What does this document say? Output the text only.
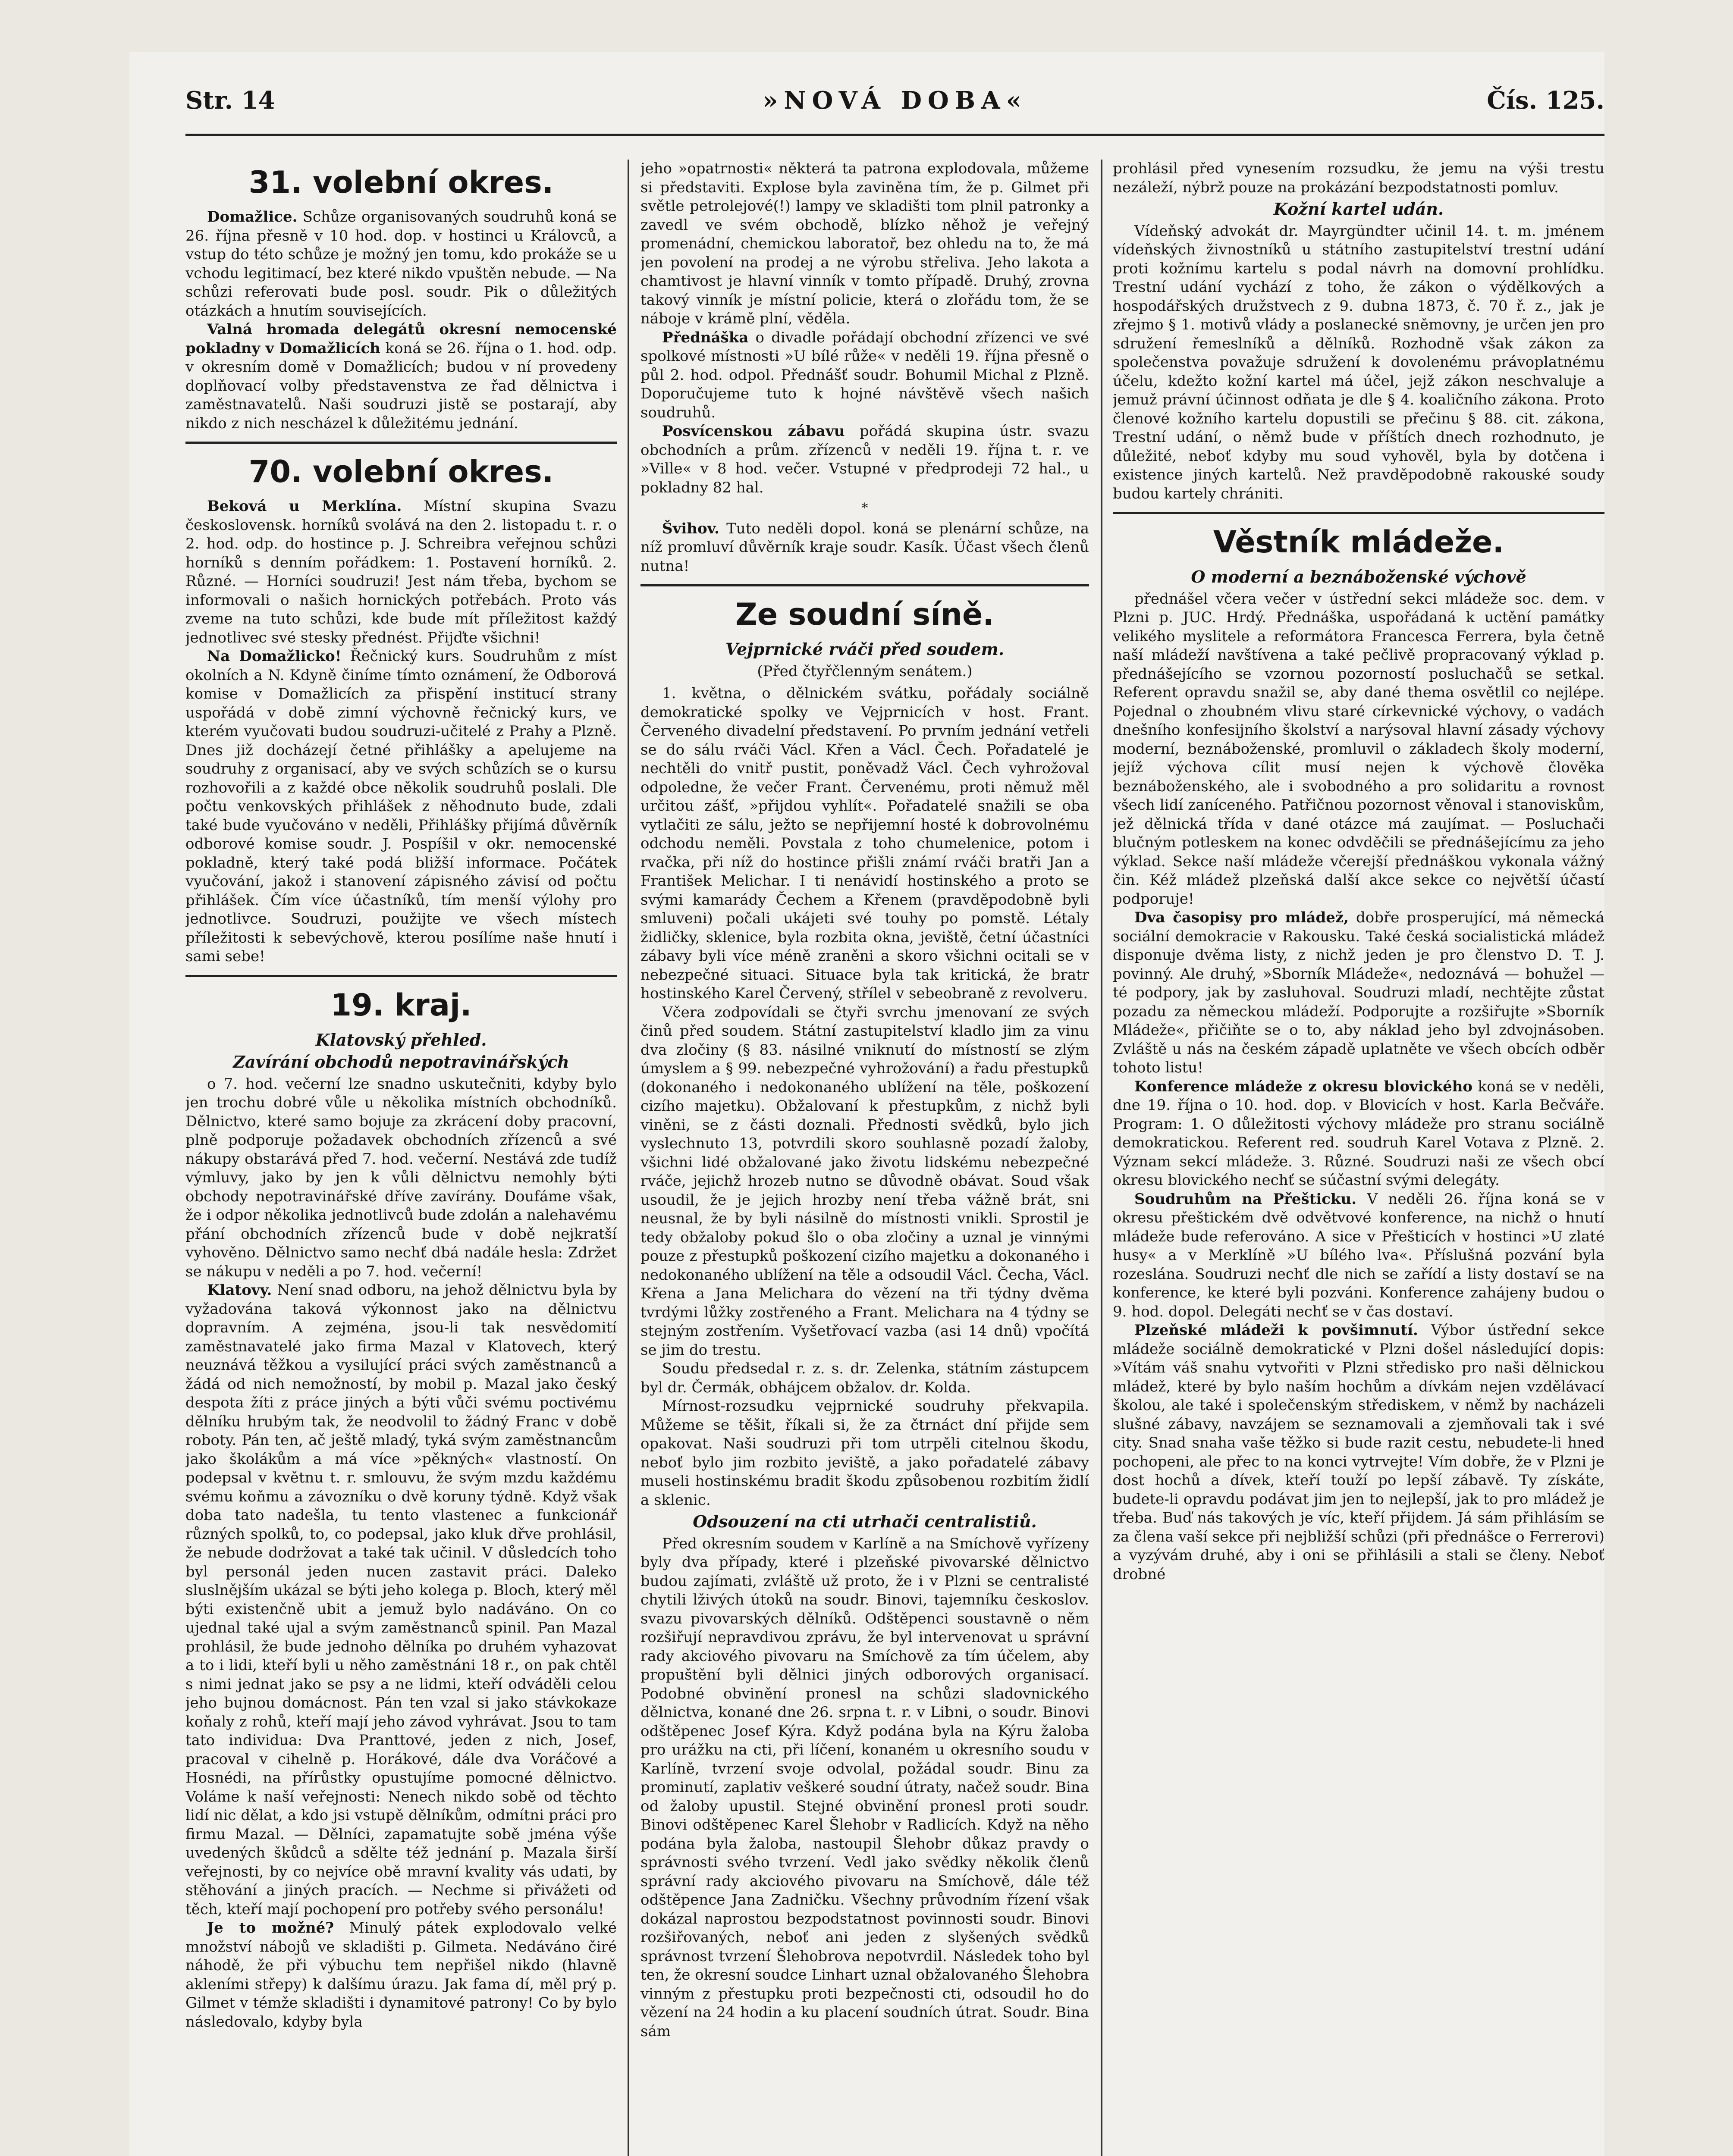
Str. 14	»NOVÁ DOBA«	Čís. 125.
31. volební okres.

Domažlice. Schůze organisovaných soudruhů koná se 26. října přesně v 10 hod. dop. v hostinci u Královců, a vstup do této schůze je možný jen tomu, kdo prokáže se u vchodu legitimací, bez které nikdo vpuštěn nebude. — Na schůzi referovati bude posl. soudr. Pik o důležitých otázkách a hnutím souvisejících.

Valná hromada delegátů okresní nemocenské pokladny v Domažlicích koná se 26. října o 1. hod. odp. v okresním domě v Domažlicích; budou v ní provedeny doplňovací volby představenstva ze řad dělnictva i zaměstnavatelů. Naši soudruzi jistě se postarají, aby nikdo z nich nescházel k důležitému jednání.

70. volební okres.

Beková u Merklína. Místní skupina Svazu československ. horníků svolává na den 2. listopadu t. r. o 2. hod. odp. do hostince p. J. Schreibra veřejnou schůzi horníků s denním pořádkem: 1. Postavení horníků. 2. Různé. — Horníci soudruzi! Jest nám třeba, bychom se informovali o našich hornických potřebách. Proto vás zveme na tuto schůzi, kde bude mít příležitost každý jednotlivec své stesky přednést. Přijďte všichni!

Na Domažlicko! Řečnický kurs. Soudruhům z míst okolních a N. Kdyně činíme tímto oznámení, že Odborová komise v Domažlicích za přispění institucí strany uspořádá v době zimní výchovně řečnický kurs, ve kterém vyučovati budou soudruzi-učitelé z Prahy a Plzně. Dnes již docházejí četné přihlášky a apelujeme na soudruhy z organisací, aby ve svých schůzích se o kursu rozhovořili a z každé obce několik soudruhů poslali. Dle počtu venkovských přihlášek z něhodnuto bude, zdali také bude vyučováno v neděli, Přihlášky přijímá důvěrník odborové komise soudr. J. Pospíšil v okr. nemocenské pokladně, který také podá bližší informace. Počátek vyučování, jakož i stanovení zápisného závisí od počtu přihlášek. Čím více účastníků, tím menší výlohy pro jednotlivce. Soudruzi, použijte ve všech místech příležitosti k sebevýchově, kterou posílíme naše hnutí i sami sebe!

19. kraj.
Klatovský přehled.
Zavírání obchodů nepotravinářských

o 7. hod. večerní lze snadno uskutečniti, kdyby bylo jen trochu dobré vůle u několika místních obchodníků. Dělnictvo, které samo bojuje za zkrácení doby pracovní, plně podporuje požadavek obchodních zřízenců a své nákupy obstarává před 7. hod. večerní. Nestává zde tudíž výmluvy, jako by jen k vůli dělnictvu nemohly býti obchody nepotravinářské dříve zavírány. Doufáme však, že i odpor několika jednotlivců bude zdolán a nalehavému přání obchodních zřízenců bude v době nejkratší vyhověno. Dělnictvo samo nechť dbá nadále hesla: Zdržet se nákupu v neděli a po 7. hod. večerní!

Klatovy. Není snad odboru, na jehož dělnictvu byla by vyžadována taková výkonnost jako na dělnictvu dopravním. A zejména, jsou-li tak nesvědomití zaměstnavatelé jako firma Mazal v Klatovech, který neuznává těžkou a vysilující práci svých zaměstnanců a žádá od nich nemožností, by mobil p. Mazal jako český despota žíti z práce jiných a býti vůči svému poctivému dělníku hrubým tak, že neodvolil to žádný Franc v době roboty. Pán ten, ač ještě mladý, tyká svým zaměstnancům jako školákům a má více »pěkných« vlastností. On podepsal v květnu t. r. smlouvu, že svým mzdu každému svému koňmu a závozníku o dvě koruny týdně. Když však doba tato nadešla, tu tento vlastenec a funkcionář různých spolků, to, co podepsal, jako kluk dřve prohlásil, že nebude dodržovat a také tak učinil. V důsledcích toho byl personál jeden nucen zastavit práci. Daleko sluslnějším ukázal se býti jeho kolega p. Bloch, který měl býti existenčně ubit a jemuž bylo nadáváno. On co ujednal také ujal a svým zaměstnanců spinil. Pan Mazal prohlásil, že bude jednoho dělníka po druhém vyhazovat a to i lidi, kteří byli u něho zaměstnáni 18 r., on pak chtěl s nimi jednat jako se psy a ne lidmi, kteří odváděli celou jeho bujnou domácnost. Pán ten vzal si jako stávkokaze koňaly z rohů, kteří mají jeho závod vyhrávat. Jsou to tam tato individua: Dva Pranttové, jeden z nich, Josef, pracoval v cihelně p. Horákové, dále dva Voráčové a Hosnédi, na přírůstky opustujíme pomocné dělnictvo. Voláme k naší veřejnosti: Nenech nikdo sobě od těchto lidí nic dělat, a kdo jsi vstupě dělníkům, odmítni práci pro firmu Mazal. — Dělníci, zapamatujte sobě jména výše uvedených škůdců a sdělte též jednání p. Mazala širší veřejnosti, by co nejvíce obě mravní kvality vás udati, by stěhování a jiných pracích. — Nechme si přivážeti od těch, kteří mají pochopení pro potřeby svého personálu!

Je to možné? Minulý pátek explodovalo velké množství nábojů ve skladišti p. Gilmeta. Nedáváno čiré náhodě, že při výbuchu tem nepřišel nikdo (hlavně akleními střepy) k dalšímu úrazu. Jak fama dí, měl prý p. Gilmet v témže skladišti i dynamitové patrony! Co by bylo následovalo, kdyby byla

jeho »opatrnosti« některá ta patrona explodovala, můžeme si představiti. Explose byla zaviněna tím, že p. Gilmet při světle petrolejové(!) lampy ve skladišti tom plnil patronky a zavedl ve svém obchodě, blízko něhož je veřejný promenádní, chemickou laboratoř, bez ohledu na to, že má jen povolení na prodej a ne výrobu střeliva. Jeho lakota a chamtivost je hlavní vinník v tomto případě. Druhý, zrovna takový vinník je místní policie, která o zlořádu tom, že se náboje v krámě plní, věděla.

Přednáška o divadle pořádají obchodní zřízenci ve své spolkové místnosti »U bílé růže« v neděli 19. října přesně o půl 2. hod. odpol. Přednášť soudr. Bohumil Michal z Plzně. Doporučujeme tuto k hojné návštěvě všech našich soudruhů.

Posvícenskou zábavu pořádá skupina ústr. svazu obchodních a prům. zřízenců v neděli 19. října t. r. ve »Ville« v 8 hod. večer. Vstupné v předprodeji 72 hal., u pokladny 82 hal.

*

Švihov. Tuto neděli dopol. koná se plenární schůze, na níž promluví důvěrník kraje soudr. Kasík. Účast všech členů nutna!

Ze soudní síně.
Vejprnické rváči před soudem.
(Před čtyřčlenným senátem.)

1. května, o dělnickém svátku, pořádaly sociálně demokratické spolky ve Vejprnicích v host. Frant. Červeného divadelní představení. Po prvním jednání vetřeli se do sálu rváči Václ. Křen a Václ. Čech. Pořadatelé je nechtěli do vnitř pustit, poněvadž Václ. Čech vyhrožoval odpoledne, že večer Frant. Červenému, proti němuž měl určitou zášť, »přijdou vyhlít«. Pořadatelé snažili se oba vytlačiti ze sálu, ježto se nepřijemní hosté k dobrovolnému odchodu neměli. Povstala z toho chumelenice, potom i rvačka, při níž do hostince přišli známí rváči bratři Jan a František Melichar. I ti nenávidí hostinského a proto se svými kamarády Čechem a Křenem (pravděpodobně byli smluveni) počali ukájeti své touhy po pomstě. Létaly židličky, sklenice, byla rozbita okna, jeviště, četní účastníci zábavy byli více méně zraněni a skoro všichni ocitali se v nebezpečné situaci. Situace byla tak kritická, že bratr hostinského Karel Červený, střílel v sebeobraně z revolveru.

Včera zodpovídali se čtyři svrchu jmenovaní ze svých činů před soudem. Státní zastupitelství kladlo jim za vinu dva zločiny (§ 83. násilné vniknutí do místností se zlým úmyslem a § 99. nebezpečné vyhrožování) a řadu přestupků (dokonaného i nedokonaného ublížení na těle, poškození cizího majetku). Obžalovaní k přestupkům, z nichž byli viněni, se z části doznali. Přednosti svědků, bylo jich vyslechnuto 13, potvrdili skoro souhlasně pozadí žaloby, všichni lidé obžalované jako životu lidskému nebezpečné rváče, jejichž hrozeb nutno se důvodně obávat. Soud však usoudil, že je jejich hrozby není třeba vážně brát, sni neusnal, že by byli násilně do místnosti vnikli. Sprostil je tedy obžaloby pokud šlo o oba zločiny a uznal je vinnými pouze z přestupků poškození cizího majetku a dokonaného i nedokonaného ublížení na těle a odsoudil Václ. Čecha, Václ. Křena a Jana Melichara do vězení na tři týdny dvěma tvrdými lůžky zostřeného a Frant. Melichara na 4 týdny se stejným zostřením. Vyšetřovací vazba (asi 14 dnů) vpočítá se jim do trestu.

Soudu předsedal r. z. s. dr. Zelenka, státním zástupcem byl dr. Čermák, obhájcem obžalov. dr. Kolda.

Mírnost-rozsudku vejprnické soudruhy překvapila. Můžeme se těšit, říkali si, že za čtrnáct dní přijde sem opakovat. Naši soudruzi při tom utrpěli citelnou škodu, neboť bylo jim rozbito jeviště, a jako pořadatelé zábavy museli hostinskému bradit škodu způsobenou rozbitím židlí a sklenic.

Odsouzení na cti utrhači centralistiů.

Před okresním soudem v Karlíně a na Smíchově vyřízeny byly dva případy, které i plzeňské pivovarské dělnictvo budou zajímati, zvláště už proto, že i v Plzni se centralisté chytili lživých útoků na soudr. Binovi, tajemníku českoslov. svazu pivovarských dělníků. Odštěpenci soustavně o něm rozšiřují nepravdivou zprávu, že byl intervenovat u správní rady akciového pivovaru na Smíchově za tím účelem, aby propuštění byli dělnici jiných odborových organisací. Podobné obvinění pronesl na schůzi sladovnického dělnictva, konané dne 26. srpna t. r. v Libni, o soudr. Binovi odštěpenec Josef Kýra. Když podána byla na Kýru žaloba pro urážku na cti, při líčení, konaném u okresního soudu v Karlíně, tvrzení svoje odvolal, požádal soudr. Binu za prominutí, zaplativ veškeré soudní útraty, načež soudr. Bina od žaloby upustil. Stejné obvinění pronesl proti soudr. Binovi odštěpenec Karel Šlehobr v Radlicích. Když na něho podána byla žaloba, nastoupil Šlehobr důkaz pravdy o správnosti svého tvrzení. Vedl jako svědky několik členů správní rady akciového pivovaru na Smíchově, dále též odštěpence Jana Zadničku. Všechny průvodním řízení však dokázal naprostou bezpodstatnost povinnosti soudr. Binovi rozšiřovaných, neboť ani jeden z slyšených svědků správnost tvrzení Šlehobrova nepotvrdil. Následek toho byl ten, že okresní soudce Linhart uznal obžalovaného Šlehobra vinným z přestupku proti bezpečnosti cti, odsoudil ho do vězení na 24 hodin a ku placení soudních útrat. Soudr. Bina sám

prohlásil před vynesením rozsudku, že jemu na výši trestu nezáleží, nýbrž pouze na prokázání bezpodstatnosti pomluv.

Kožní kartel udán.

Vídeňský advokát dr. Mayrgündter učinil 14. t. m. jménem vídeňských živnostníků u státního zastupitelství trestní udání proti kožnímu kartelu s podal návrh na domovní prohlídku. Trestní udání vychází z toho, že zákon o výdělkových a hospodářských družstvech z 9. dubna 1873, č. 70 ř. z., jak je zřejmo § 1. motivů vlády a poslanecké sněmovny, je určen jen pro sdružení řemeslníků a dělníků. Rozhodně však zákon za společenstva považuje sdružení k dovolenému právoplatnému účelu, kdežto kožní kartel má účel, jejž zákon neschvaluje a jemuž právní účinnost odňata je dle § 4. koaličního zákona. Proto členové kožního kartelu dopustili se přečinu § 88. cit. zákona, Trestní udání, o němž bude v příštích dnech rozhodnuto, je důležité, neboť kdyby mu soud vyhověl, byla by dotčena i existence jiných kartelů. Než pravděpodobně rakouské soudy budou kartely chrániti.

Věstník mládeže.
O moderní a beznáboženské výchově

přednášel včera večer v ústřední sekci mládeže soc. dem. v Plzni p. JUC. Hrdý. Přednáška, uspořádaná k uctění památky velikého myslitele a reformátora Francesca Ferrera, byla četně naší mládeží navštívena a také pečlivě propracovaný výklad p. přednášejícího se vzornou pozorností posluchačů se setkal. Referent opravdu snažil se, aby dané thema osvětlil co nejlépe. Pojednal o zhoubném vlivu staré církevnické výchovy, o vadách dnešního konfesijního školství a narýsoval hlavní zásady výchovy moderní, beznáboženské, promluvil o základech školy moderní, jejíž výchova cílit musí nejen k výchově člověka beznáboženského, ale i svobodného a pro solidaritu a rovnost všech lidí zaníceného. Patřičnou pozornost věnoval i stanoviskům, jež dělnická třída v dané otázce má zaujímat. — Posluchači blučným potleskem na konec odvděčili se přednášejícímu za jeho výklad. Sekce naší mládeže včerejší přednáškou vykonala vážný čin. Kéž mládež plzeňská další akce sekce co největší účastí podporuje!

Dva časopisy pro mládež, dobře prosperující, má německá sociální demokracie v Rakousku. Také česká socialistická mládež disponuje dvěma listy, z nichž jeden je pro členstvo D. T. J. povinný. Ale druhý, »Sborník Mládeže«, nedoznává — bohužel — té podpory, jak by zasluhoval. Soudruzi mladí, nechtějte zůstat pozadu za německou mládeží. Podporujte a rozšiřujte »Sborník Mládeže«, přičiňte se o to, aby náklad jeho byl zdvojnásoben. Zvláště u nás na českém západě uplatněte ve všech obcích odběr tohoto listu!

Konference mládeže z okresu blovického koná se v neděli, dne 19. října o 10. hod. dop. v Blovicích v host. Karla Bečváře. Program: 1. O důležitosti výchovy mládeže pro stranu sociálně demokratickou. Referent red. soudruh Karel Votava z Plzně. 2. Význam sekcí mládeže. 3. Různé. Soudruzi naši ze všech obcí okresu blovického nechť se súčastní svými delegáty.

Soudruhům na Přešticku. V neděli 26. října koná se v okresu přeštickém dvě odvětvové konference, na nichž o hnutí mládeže bude referováno. A sice v Přešticích v hostinci »U zlaté husy« a v Merklíně »U bílého lva«. Příslušná pozvání byla rozeslána. Soudruzi nechť dle nich se zařídí a listy dostaví se na konference, ke které byli pozváni. Konference zahájeny budou o 9. hod. dopol. Delegáti nechť se v čas dostaví.

Plzeňské mládeži k povšimnutí. Výbor ústřední sekce mládeže sociálně demokratické v Plzni došel následující dopis: »Vítám váš snahu vytvořiti v Plzni středisko pro naši dělnickou mládež, které by bylo naším hochům a dívkám nejen vzdělávací školou, ale také i společenským střediskem, v němž by nacházeli slušné zábavy, navzájem se seznamovali a zjemňovali tak i své city. Snad snaha vaše těžko si bude razit cestu, nebudete-li hned pochopeni, ale přec to na konci vytrvejte! Vím dobře, že v Plzni je dost hochů a dívek, kteří touží po lepší zábavě. Ty získáte, budete-li opravdu podávat jim jen to nejlepší, jak to pro mládež je třeba. Buď nás takových je víc, kteří přijdem. Já sám přihlásím se za člena vaší sekce při nejbližší schůzi (při přednášce o Ferrerovi) a vyzývám druhé, aby i oni se přihlásili a stali se členy. Neboť drobné
